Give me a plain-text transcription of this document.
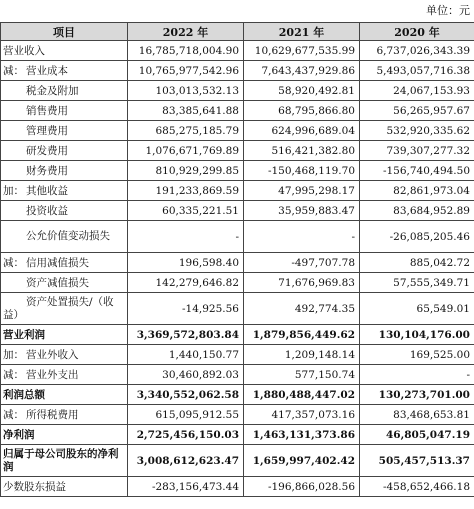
单位：元
项目	2022 年	2021 年	2020 年
营业收入	16,785,718,004.90	10,629,677,535.99	6,737,026,343.39
减： 营业成本	10,765,977,542.96	7,643,437,929.86	5,493,057,716.38
税金及附加	103,013,532.13	58,920,492.81	24,067,153.93
销售费用	83,385,641.88	68,795,866.80	56,265,957.67
管理费用	685,275,185.79	624,996,689.04	532,920,335.62
研发费用	1,076,671,769.89	516,421,382.80	739,307,277.32
财务费用	810,929,299.85	-150,468,119.70	-156,740,494.50
加： 其他收益	191,233,869.59	47,995,298.17	82,861,973.04
投资收益	60,335,221.51	35,959,883.47	83,684,952.89
公允价值变动损失	-	-	-26,085,205.46
减： 信用减值损失	196,598.40	-497,707.78	885,042.72
资产减值损失	142,279,646.82	71,676,969.83	57,555,349.71
资产处置损失/（收益）	-14,925.56	492,774.35	65,549.01
营业利润	3,369,572,803.84	1,879,856,449.62	130,104,176.00
加： 营业外收入	1,440,150.77	1,209,148.14	169,525.00
减： 营业外支出	30,460,892.03	577,150.74	-
利润总额	3,340,552,062.58	1,880,488,447.02	130,273,701.00
减： 所得税费用	615,095,912.55	417,357,073.16	83,468,653.81
净利润	2,725,456,150.03	1,463,131,373.86	46,805,047.19
归属于母公司股东的净利润	3,008,612,623.47	1,659,997,402.42	505,457,513.37
少数股东损益	-283,156,473.44	-196,866,028.56	-458,652,466.18
